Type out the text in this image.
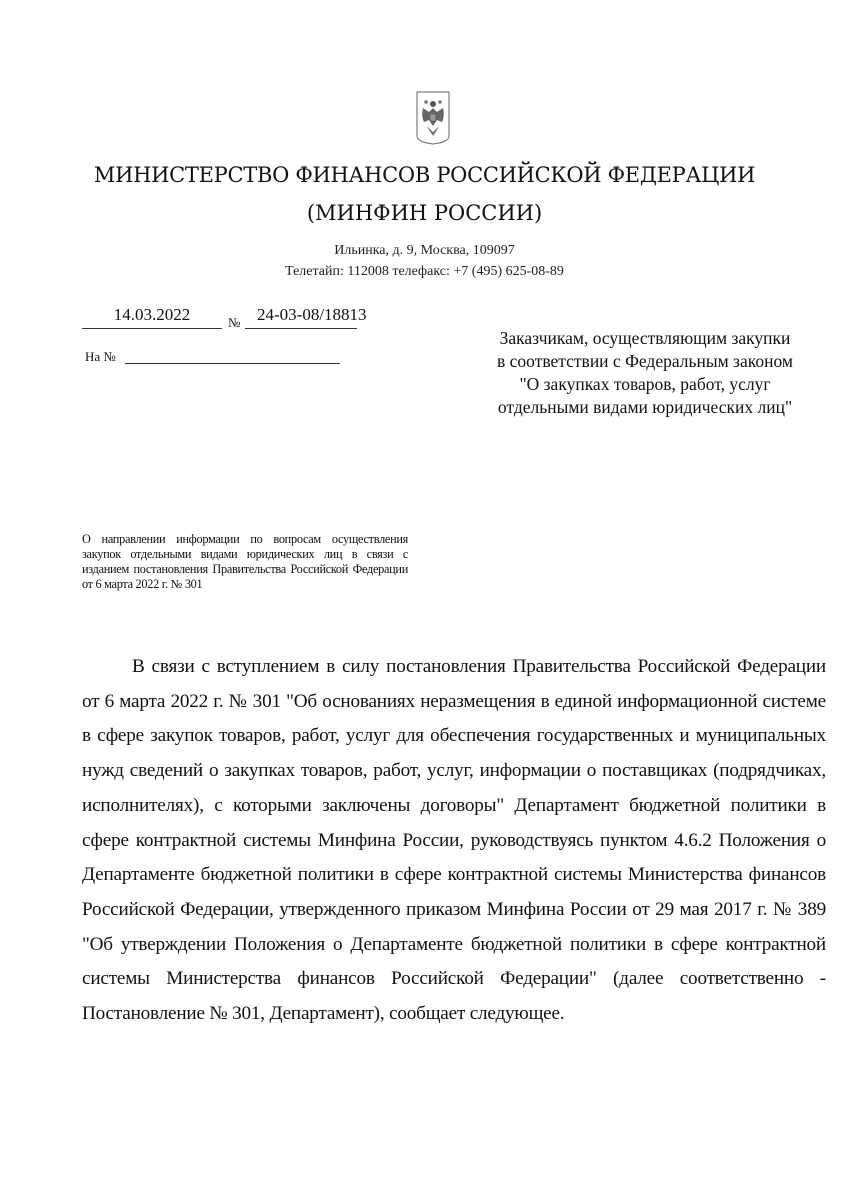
МИНИСТЕРСТВО ФИНАНСОВ РОССИЙСКОЙ ФЕДЕРАЦИИ
(МИНФИН РОССИИ)
Ильинка, д. 9, Москва, 109097
Телетайп: 112008 телефакс: +7 (495) 625-08-89
14.03.2022	№ 24-03-08/18813
На №
Заказчикам, осуществляющим закупки
в соответствии с Федеральным законом
"О закупках товаров, работ, услуг
отдельными видами юридических лиц"
О направлении информации по вопросам осуществления закупок отдельными видами юридических лиц в связи с изданием постановления Правительства Российской Федерации от 6 марта 2022 г. № 301

В связи с вступлением в силу постановления Правительства Российской Федерации от 6 марта 2022 г. № 301 "Об основаниях неразмещения в единой информационной системе в сфере закупок товаров, работ, услуг для обеспечения государственных и муниципальных нужд сведений о закупках товаров, работ, услуг, информации о поставщиках (подрядчиках, исполнителях), с которыми заключены договоры" Департамент бюджетной политики в сфере контрактной системы Минфина России, руководствуясь пунктом 4.6.2 Положения о Департаменте бюджетной политики в сфере контрактной системы Министерства финансов Российской Федерации, утвержденного приказом Минфина России от 29 мая 2017 г. № 389 "Об утверждении Положения о Департаменте бюджетной политики в сфере контрактной системы Министерства финансов Российской Федерации" (далее соответственно - Постановление № 301, Департамент), сообщает следующее.
